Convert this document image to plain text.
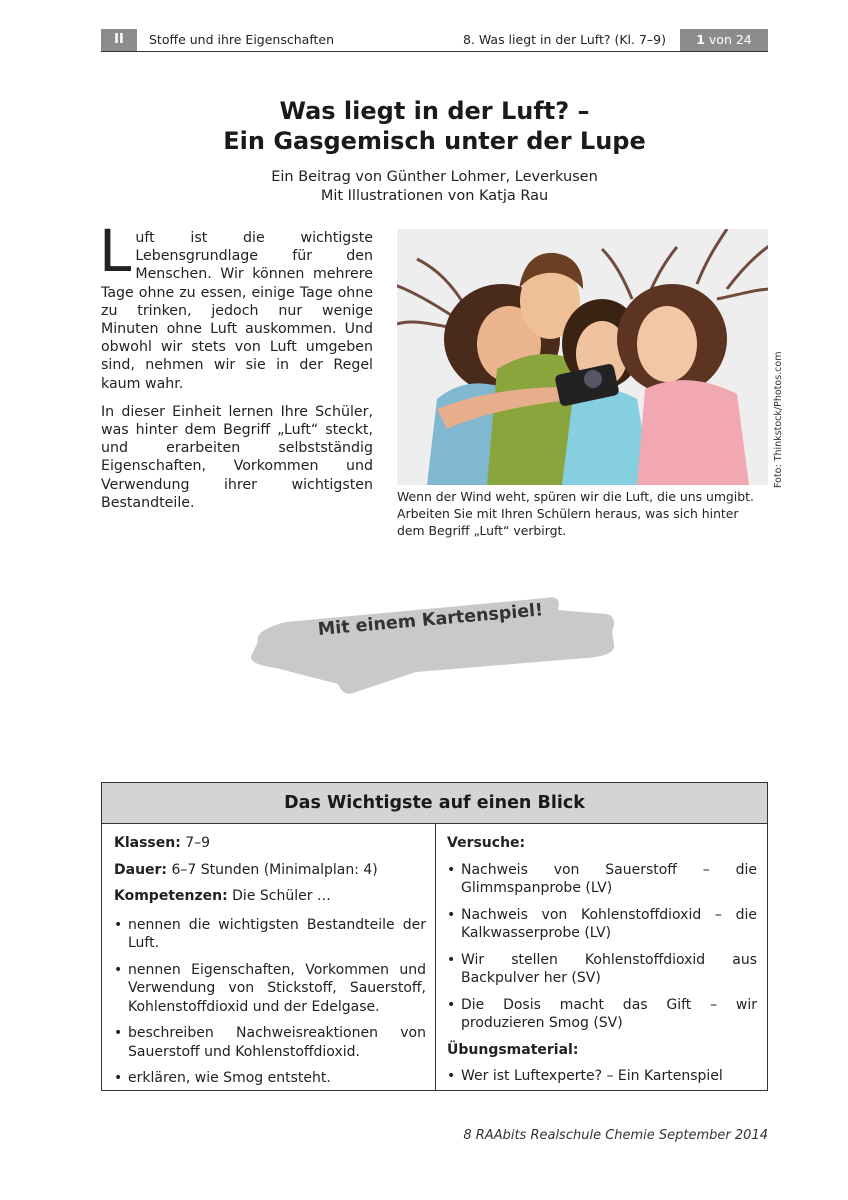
II	Stoffe und ihre Eigenschaften	8. Was liegt in der Luft? (Kl. 7–9)	1 von 24
Was liegt in der Luft? –
Ein Gasgemisch unter der Lupe
Ein Beitrag von Günther Lohmer, Leverkusen
Mit Illustrationen von Katja Rau

Luft ist die wichtigste Lebensgrundlage für den Menschen. Wir können mehrere Tage ohne zu essen, einige Tage ohne zu trinken, jedoch nur wenige Minuten ohne Luft auskommen. Und obwohl wir stets von Luft umgeben sind, nehmen wir sie in der Regel kaum wahr.

In dieser Einheit lernen Ihre Schüler, was hinter dem Begriff „Luft“ steckt, und erarbeiten selbstständig Eigenschaften, Vorkommen und Verwendung ihrer wichtigsten Bestandteile.

Foto: Thinkstock/Photos.com
Wenn der Wind weht, spüren wir die Luft, die uns umgibt. Arbeiten Sie mit Ihren Schülern heraus, was sich hinter dem Begriff „Luft“ verbirgt.
Mit einem Kartenspiel!
Das Wichtigste auf einen Blick
Klassen: 7–9
Dauer: 6–7 Stunden (Minimalplan: 4)
Kompetenzen: Die Schüler …
• nennen die wichtigsten Bestandteile der Luft.
• nennen Eigenschaften, Vorkommen und Verwendung von Stickstoff, Sauerstoff, Kohlenstoffdioxid und der Edelgase.
• beschreiben Nachweisreaktionen von Sauerstoff und Kohlenstoffdioxid.
• erklären, wie Smog entsteht.
Versuche:
• Nachweis von Sauerstoff – die Glimmspanprobe (LV)
• Nachweis von Kohlenstoffdioxid – die Kalkwasserprobe (LV)
• Wir stellen Kohlenstoffdioxid aus Backpulver her (SV)
• Die Dosis macht das Gift – wir produzieren Smog (SV)
Übungsmaterial:
• Wer ist Luftexperte? – Ein Kartenspiel
8 RAAbits Realschule Chemie September 2014
